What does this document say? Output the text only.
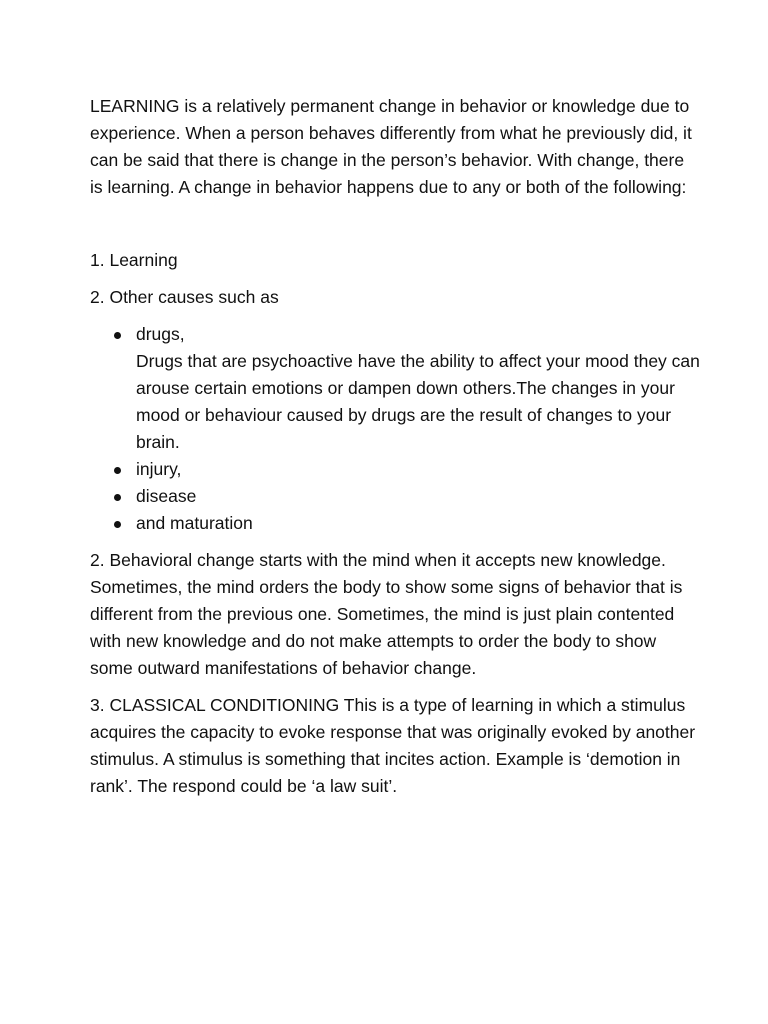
LEARNING is a relatively permanent change in behavior or knowledge due to experience. When a person behaves differently from what he previously did, it can be said that there is change in the person’s behavior. With change, there is learning. A change in behavior happens due to any or both of the following:

1. Learning

2. Other causes such as

drugs,
Drugs that are psychoactive have the ability to affect your mood they can arouse certain emotions or dampen down others.The changes in your mood or behaviour caused by drugs are the result of changes to your brain.
injury,
disease
and maturation

2. Behavioral change starts with the mind when it accepts new knowledge. Sometimes, the mind orders the body to show some signs of behavior that is different from the previous one. Sometimes, the mind is just plain contented with new knowledge and do not make attempts to order the body to show some outward manifestations of behavior change.

3. CLASSICAL CONDITIONING This is a type of learning in which a stimulus acquires the capacity to evoke response that was originally evoked by another stimulus. A stimulus is something that incites action. Example is ‘demotion in rank’. The respond could be ‘a law suit’.
